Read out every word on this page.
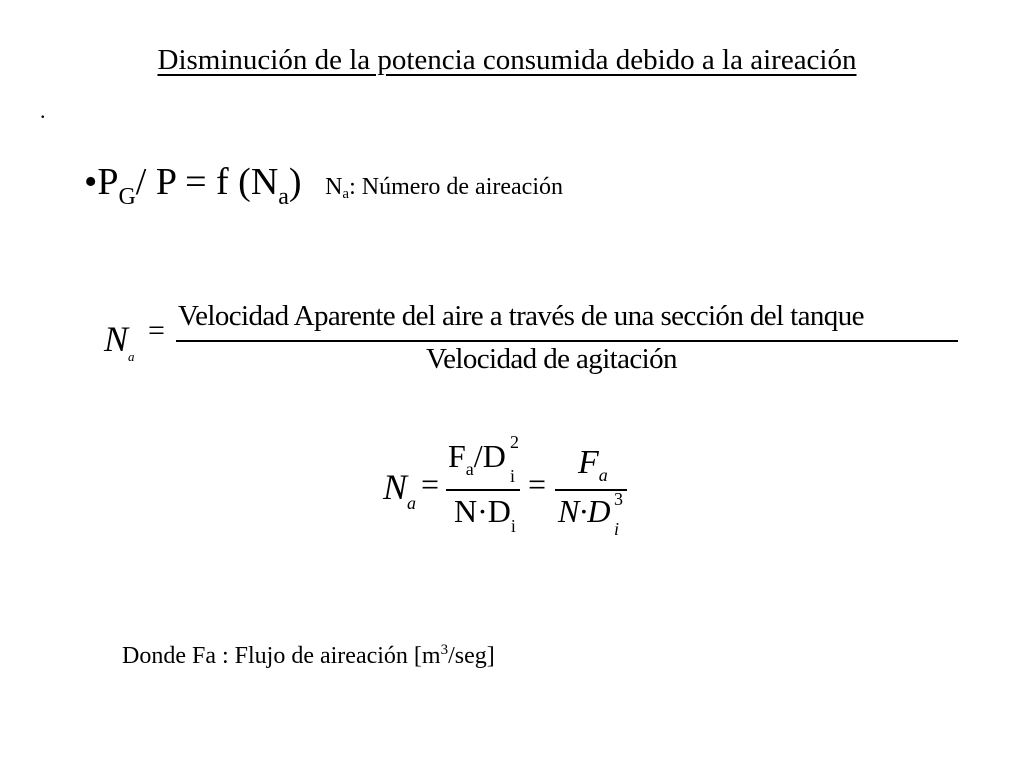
Disminución de la potencia consumida debido a la aireación
.
$•P_G/$ P = f $(N_a)$ $N_a$: Número de aireación
$N_a$
= Velocidad Aparente del aire a través de una sección del tanque
Velocidad de agitación
$N_a$
=
$F_a/D$ 2
i
$N\cdot D_i$
=
$F_a$
N·D 3
i
Donde Fa : Flujo de aireación $[m^3/seg]$
